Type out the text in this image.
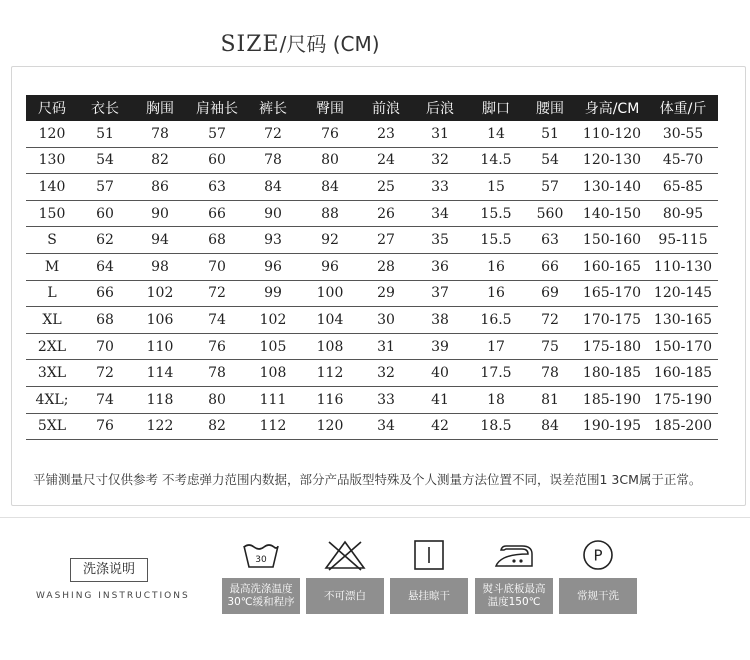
SIZE/尺码 (CM)
尺码	衣长	胸围	肩袖长	裤长	臀围	前浪	后浪	脚口	腰围	身高/CM	体重/斤
120	51	78	57	72	76	23	31	14	51	110-120	30-55
130	54	82	60	78	80	24	32	14.5	54	120-130	45-70
140	57	86	63	84	84	25	33	15	57	130-140	65-85
150	60	90	66	90	88	26	34	15.5	560	140-150	80-95
S	62	94	68	93	92	27	35	15.5	63	150-160	95-115
M	64	98	70	96	96	28	36	16	66	160-165	110-130
L	66	102	72	99	100	29	37	16	69	165-170	120-145
XL	68	106	74	102	104	30	38	16.5	72	170-175	130-165
2XL	70	110	76	105	108	31	39	17	75	175-180	150-170
3XL	72	114	78	108	112	32	40	17.5	78	180-185	160-185
4XL;	74	118	80	111	116	33	41	18	81	185-190	175-190
5XL	76	122	82	112	120	34	42	18.5	84	190-195	185-200
平铺测量尺寸仅供参考 不考虑弹力范围内数据，部分产品版型特殊及个人测量方法位置不同，误差范围1 3CM属于正常。
洗涤说明
WASHING INSTRUCTIONS
30
最高洗涤温度
30℃缓和程序
不可漂白	悬挂晾干
熨斗底板最高
温度150℃
P
常规干洗
